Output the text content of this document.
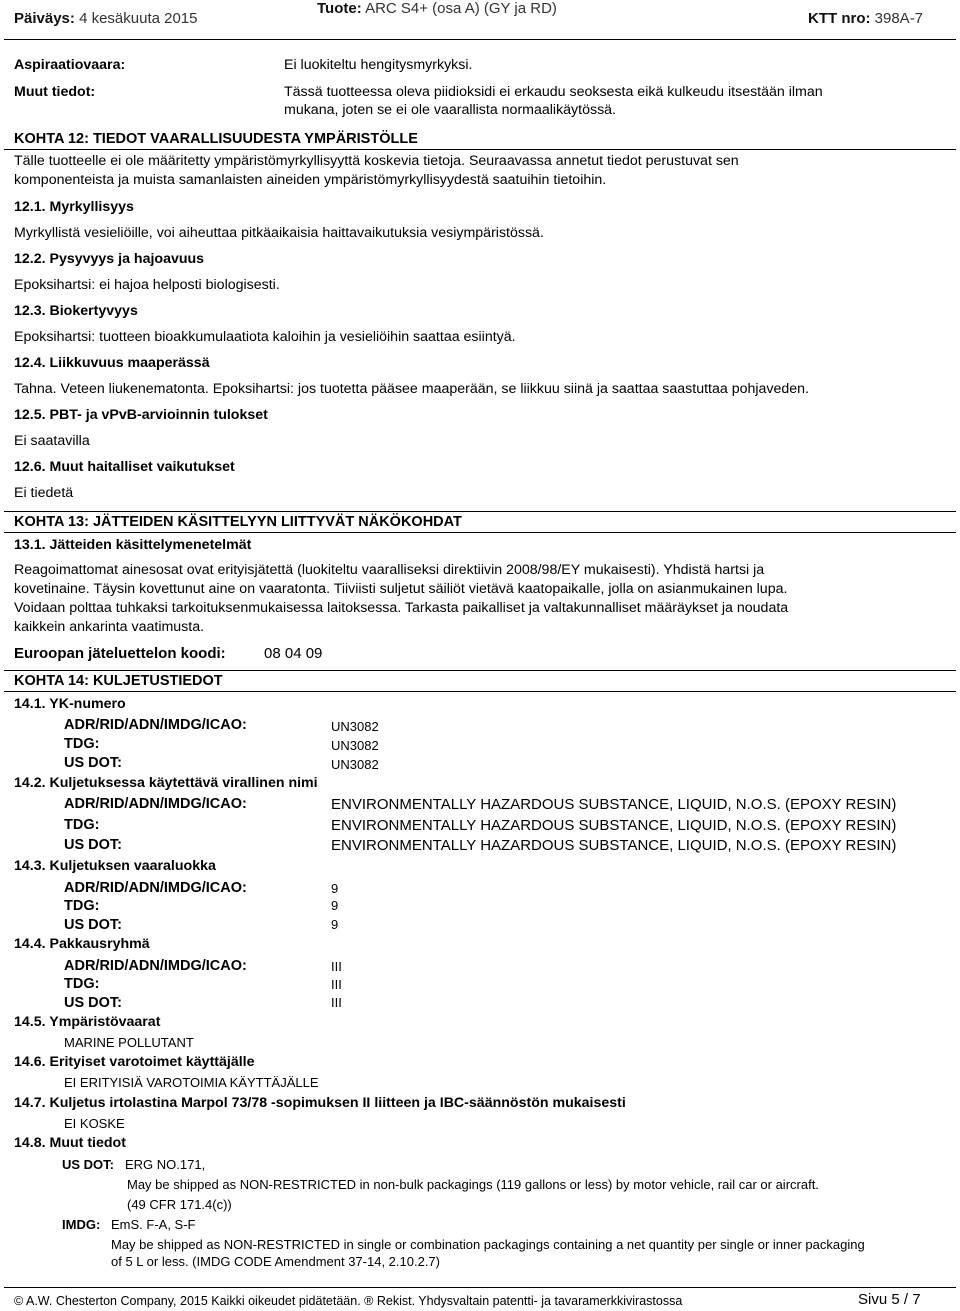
Päiväys: 4 kesäkuuta 2015
Tuote: ARC S4+ (osa A) (GY ja RD)
KTT nro: 398A-7
Aspiraatiovaara:	Ei luokiteltu hengitysmyrkyksi.
Muut tiedot:	Tässä tuotteessa oleva piidioksidi ei erkaudu seoksesta eikä kulkeudu itsestään ilman
mukana, joten se ei ole vaarallista normaalikäytössä.
KOHTA 12: TIEDOT VAARALLISUUDESTA YMPÄRISTÖLLE
Tälle tuotteelle ei ole määritetty ympäristömyrkyllisyyttä koskevia tietoja. Seuraavassa annetut tiedot perustuvat sen
komponenteista ja muista samanlaisten aineiden ympäristömyrkyllisyydestä saatuihin tietoihin.
12.1. Myrkyllisyys
Myrkyllistä vesieliöille, voi aiheuttaa pitkäaikaisia haittavaikutuksia vesiympäristössä.
12.2. Pysyvyys ja hajoavuus
Epoksihartsi: ei hajoa helposti biologisesti.
12.3. Biokertyvyys
Epoksihartsi: tuotteen bioakkumulaatiota kaloihin ja vesieliöihin saattaa esiintyä.
12.4. Liikkuvuus maaperässä
Tahna. Veteen liukenematonta. Epoksihartsi: jos tuotetta pääsee maaperään, se liikkuu siinä ja saattaa saastuttaa pohjaveden.
12.5. PBT- ja vPvB-arvioinnin tulokset
Ei saatavilla
12.6. Muut haitalliset vaikutukset
Ei tiedetä
KOHTA 13: JÄTTEIDEN KÄSITTELYYN LIITTYVÄT NÄKÖKOHDAT
13.1. Jätteiden käsittelymenetelmät
Reagoimattomat ainesosat ovat erityisjätettä (luokiteltu vaaralliseksi direktiivin 2008/98/EY mukaisesti). Yhdistä hartsi ja
kovetinaine. Täysin kovettunut aine on vaaratonta. Tiiviisti suljetut säiliöt vietävä kaatopaikalle, jolla on asianmukainen lupa.
Voidaan polttaa tuhkaksi tarkoituksenmukaisessa laitoksessa. Tarkasta paikalliset ja valtakunnalliset määräykset ja noudata
kaikkein ankarinta vaatimusta.
Euroopan jäteluettelon koodi:	08 04 09
KOHTA 14: KULJETUSTIEDOT
14.1. YK-numero
ADR/RID/ADN/IMDG/ICAO:	UN3082
TDG:	UN3082
US DOT:	UN3082
14.2. Kuljetuksessa käytettävä virallinen nimi
ADR/RID/ADN/IMDG/ICAO:	ENVIRONMENTALLY HAZARDOUS SUBSTANCE, LIQUID, N.O.S. (EPOXY RESIN)
TDG:	ENVIRONMENTALLY HAZARDOUS SUBSTANCE, LIQUID, N.O.S. (EPOXY RESIN)
US DOT:	ENVIRONMENTALLY HAZARDOUS SUBSTANCE, LIQUID, N.O.S. (EPOXY RESIN)
14.3. Kuljetuksen vaaraluokka
ADR/RID/ADN/IMDG/ICAO:	9
TDG:	9
US DOT:	9
14.4. Pakkausryhmä
ADR/RID/ADN/IMDG/ICAO:	III
TDG:	III
US DOT:	III
14.5. Ympäristövaarat
MARINE POLLUTANT
14.6. Erityiset varotoimet käyttäjälle
EI ERITYISIÄ VAROTOIMIA KÄYTTÄJÄLLE
14.7. Kuljetus irtolastina Marpol 73/78 -sopimuksen II liitteen ja IBC-säännöstön mukaisesti
EI KOSKE
14.8. Muut tiedot
US DOT: ERG NO.171,
May be shipped as NON-RESTRICTED in non-bulk packagings (119 gallons or less) by motor vehicle, rail car or aircraft.
(49 CFR 171.4(c))
IMDG: EmS. F-A, S-F
May be shipped as NON-RESTRICTED in single or combination packagings containing a net quantity per single or inner packaging
of 5 L or less. (IMDG CODE Amendment 37-14, 2.10.2.7)
© A.W. Chesterton Company, 2015 Kaikki oikeudet pidätetään. ® Rekist. Yhdysvaltain patentti- ja tavaramerkkivirastossa	Sivu 5 / 7
